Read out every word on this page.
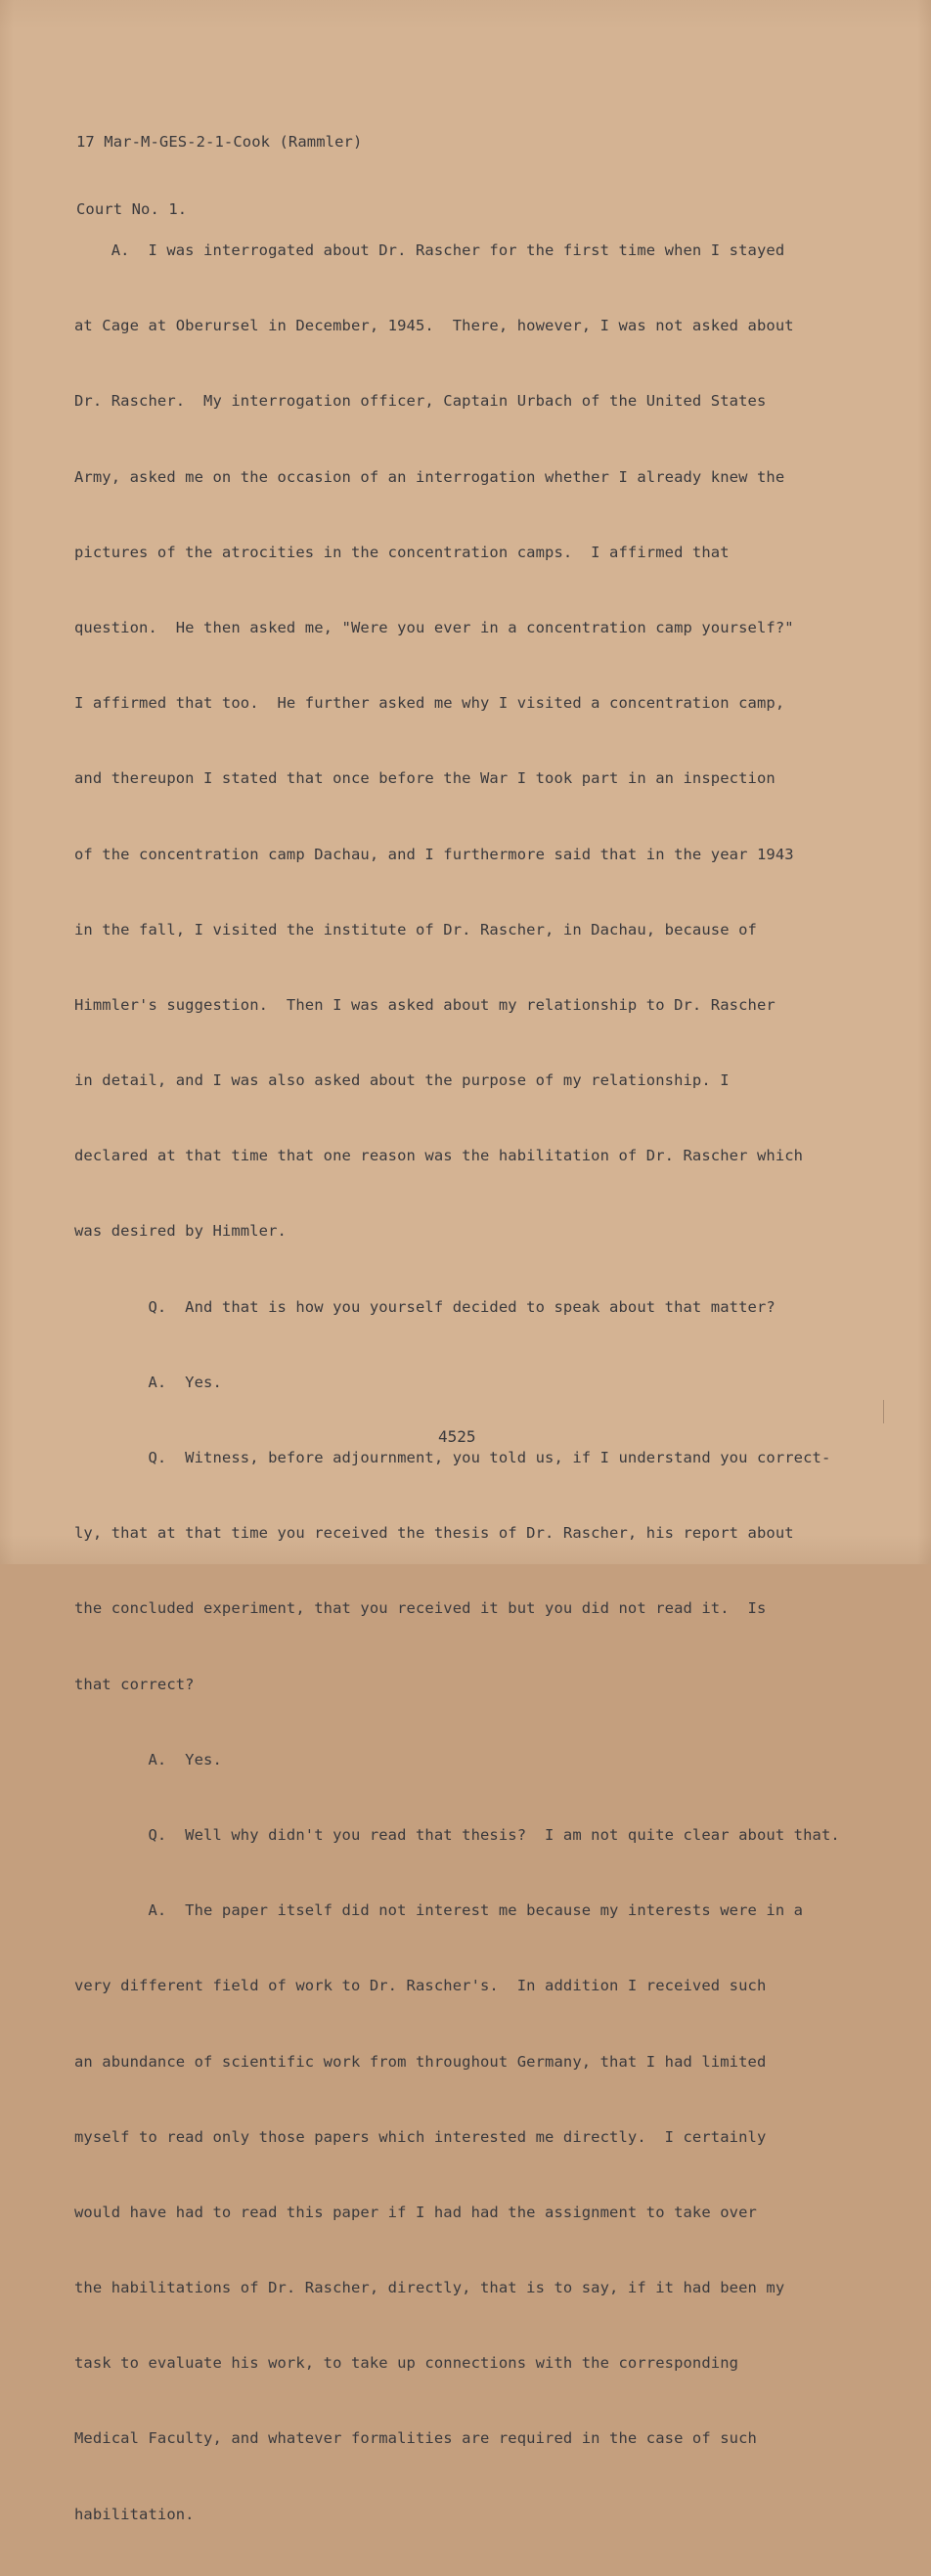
17 Mar-M-GES-2-1-Cook (Rammler)

Court No. 1.

A.  I was interrogated about Dr. Rascher for the first time when I stayed

at Cage at Oberursel in December, 1945.  There, however, I was not asked about

Dr. Rascher.  My interrogation officer, Captain Urbach of the United States

Army, asked me on the occasion of an interrogation whether I already knew the

pictures of the atrocities in the concentration camps.  I affirmed that

question.  He then asked me, "Were you ever in a concentration camp yourself?"

I affirmed that too.  He further asked me why I visited a concentration camp,

and thereupon I stated that once before the War I took part in an inspection

of the concentration camp Dachau, and I furthermore said that in the year 1943

in the fall, I visited the institute of Dr. Rascher, in Dachau, because of

Himmler's suggestion.  Then I was asked about my relationship to Dr. Rascher

in detail, and I was also asked about the purpose of my relationship. I

declared at that time that one reason was the habilitation of Dr. Rascher which

was desired by Himmler.

Q.  And that is how you yourself decided to speak about that matter?

A.  Yes.

Q.  Witness, before adjournment, you told us, if I understand you correct-

ly, that at that time you received the thesis of Dr. Rascher, his report about

the concluded experiment, that you received it but you did not read it.  Is

that correct?

A.  Yes.

Q.  Well why didn't you read that thesis?  I am not quite clear about that.

A.  The paper itself did not interest me because my interests were in a

very different field of work to Dr. Rascher's.  In addition I received such

an abundance of scientific work from throughout Germany, that I had limited

myself to read only those papers which interested me directly.  I certainly

would have had to read this paper if I had had the assignment to take over

the habilitations of Dr. Rascher, directly, that is to say, if it had been my

task to evaluate his work, to take up connections with the corresponding

Medical Faculty, and whatever formalities are required in the case of such

habilitation.

4525
